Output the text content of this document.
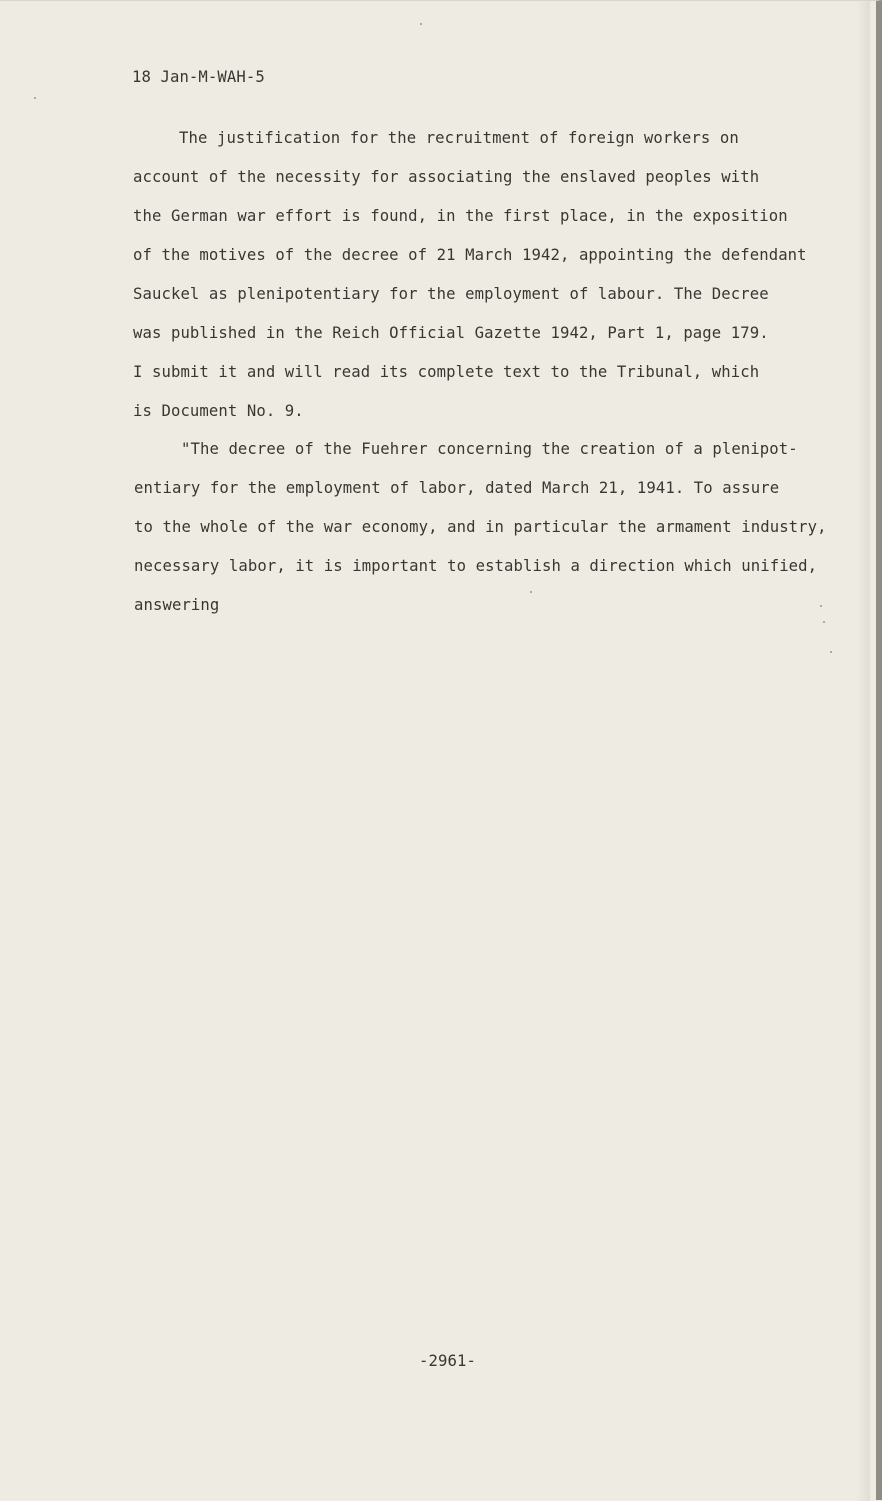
18 Jan-M-WAH-5

The justification for the recruitment of foreign workers on

account of the necessity for associating the enslaved peoples with

the German war effort is found, in the first place, in the exposition

of the motives of the decree of 21 March 1942, appointing the defendant

Sauckel as plenipotentiary for the employment of labour. The Decree

was published in the Reich Official Gazette 1942, Part 1, page 179.

I submit it and will read its complete text to the Tribunal, which

is Document No. 9.

"The decree of the Fuehrer concerning the creation of a plenipot-

entiary for the employment of labor, dated March 21, 1941. To assure

to the whole of the war economy, and in particular the armament industry,

necessary labor, it is important to establish a direction which unified,

answering

-2961-
